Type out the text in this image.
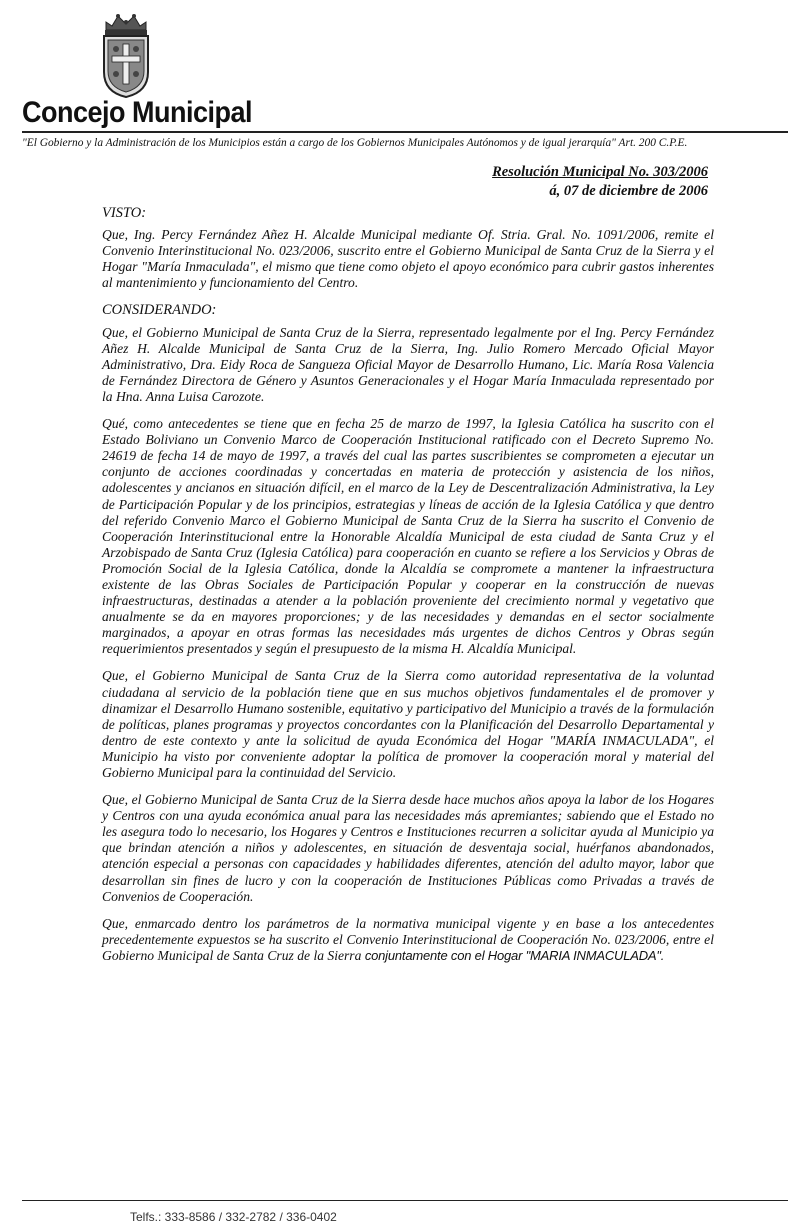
Concejo Municipal
"El Gobierno y la Administración de los Municipios están a cargo de los Gobiernos Municipales Autónomos y de igual jerarquía" Art. 200 C.P.E.
Resolución Municipal No. 303/2006
á, 07 de diciembre de 2006
VISTO:

Que, Ing. Percy Fernández Añez H. Alcalde Municipal mediante Of. Stria. Gral. No. 1091/2006, remite el Convenio Interinstitucional No. 023/2006, suscrito entre el Gobierno Municipal de Santa Cruz de la Sierra y el Hogar "María Inmaculada", el mismo que tiene como objeto el apoyo económico para cubrir gastos inherentes al mantenimiento y funcionamiento del Centro.

CONSIDERANDO:

Que, el Gobierno Municipal de Santa Cruz de la Sierra, representado legalmente por el Ing. Percy Fernández Añez H. Alcalde Municipal de Santa Cruz de la Sierra, Ing. Julio Romero Mercado Oficial Mayor Administrativo, Dra. Eidy Roca de Sangueza Oficial Mayor de Desarrollo Humano, Lic. María Rosa Valencia de Fernández Directora de Género y Asuntos Generacionales y el Hogar María Inmaculada representado por la Hna. Anna Luisa Carozote.

Qué, como antecedentes se tiene que en fecha 25 de marzo de 1997, la Iglesia Católica ha suscrito con el Estado Boliviano un Convenio Marco de Cooperación Institucional ratificado con el Decreto Supremo No. 24619 de fecha 14 de mayo de 1997, a través del cual las partes suscribientes se comprometen a ejecutar un conjunto de acciones coordinadas y concertadas en materia de protección y asistencia de los niños, adolescentes y ancianos en situación difícil, en el marco de la Ley de Descentralización Administrativa, la Ley de Participación Popular y de los principios, estrategias y líneas de acción de la Iglesia Católica y que dentro del referido Convenio Marco el Gobierno Municipal de Santa Cruz de la Sierra ha suscrito el Convenio de Cooperación Interinstitucional entre la Honorable Alcaldía Municipal de esta ciudad de Santa Cruz y el Arzobispado de Santa Cruz (Iglesia Católica) para cooperación en cuanto se refiere a los Servicios y Obras de Promoción Social de la Iglesia Católica, donde la Alcaldía se compromete a mantener la infraestructura existente de las Obras Sociales de Participación Popular y cooperar en la construcción de nuevas infraestructuras, destinadas a atender a la población proveniente del crecimiento normal y vegetativo que anualmente se da en mayores proporciones; y de las necesidades y demandas en el sector socialmente marginados, a apoyar en otras formas las necesidades más urgentes de dichos Centros y Obras según requerimientos presentados y según el presupuesto de la misma H. Alcaldía Municipal.

Que, el Gobierno Municipal de Santa Cruz de la Sierra como autoridad representativa de la voluntad ciudadana al servicio de la población tiene que en sus muchos objetivos fundamentales el de promover y dinamizar el Desarrollo Humano sostenible, equitativo y participativo del Municipio a través de la formulación de políticas, planes programas y proyectos concordantes con la Planificación del Desarrollo Departamental y dentro de este contexto y ante la solicitud de ayuda Económica del Hogar "MARÍA INMACULADA", el Municipio ha visto por conveniente adoptar la política de promover la cooperación moral y material del Gobierno Municipal para la continuidad del Servicio.

Que, el Gobierno Municipal de Santa Cruz de la Sierra desde hace muchos años apoya la labor de los Hogares y Centros con una ayuda económica anual para las necesidades más apremiantes; sabiendo que el Estado no les asegura todo lo necesario, los Hogares y Centros e Instituciones recurren a solicitar ayuda al Municipio ya que brindan atención a niños y adolescentes, en situación de desventaja social, huérfanos abandonados, atención especial a personas con capacidades y habilidades diferentes, atención del adulto mayor, labor que desarrollan sin fines de lucro y con la cooperación de Instituciones Públicas como Privadas a través de Convenios de Cooperación.

Que, enmarcado dentro los parámetros de la normativa municipal vigente y en base a los antecedentes precedentemente expuestos se ha suscrito el Convenio Interinstitucional de Cooperación No. 023/2006, entre el Gobierno Municipal de Santa Cruz de la Sierra conjuntamente con el Hogar "MARIA INMACULADA".

Telfs.: 333-8586 / 332-2782 / 336-0402
